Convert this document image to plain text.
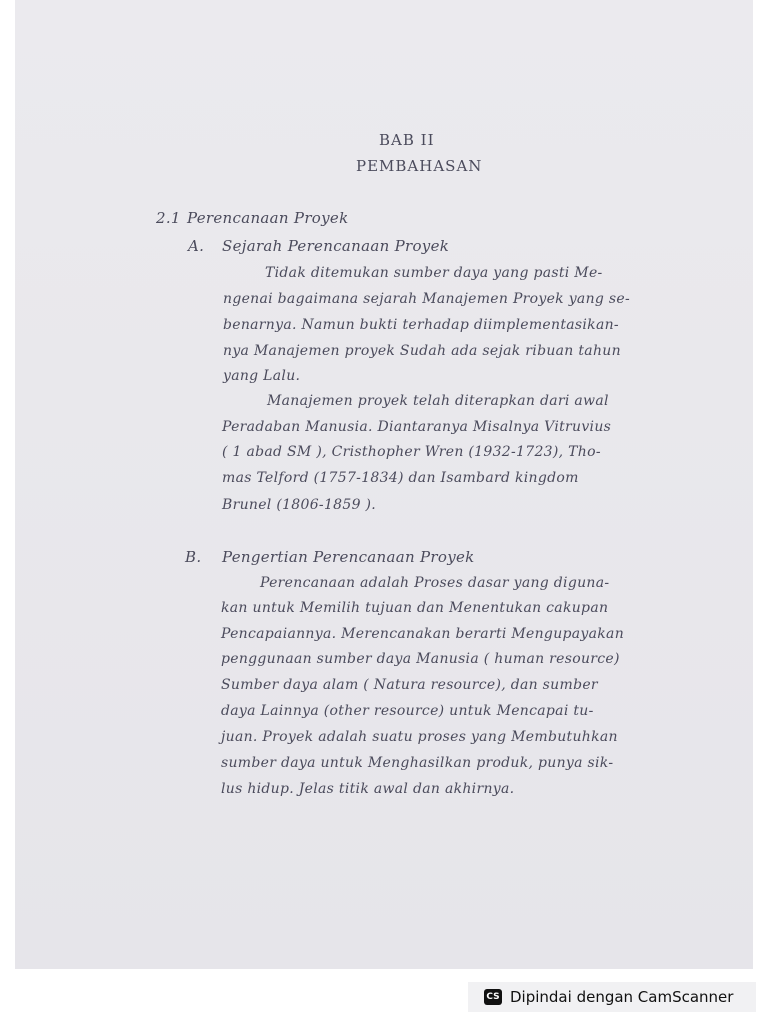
BAB II
PEMBAHASAN
2.1 Perencanaan Proyek
A. Sejarah Perencanaan Proyek
Tidak ditemukan sumber daya yang pasti Me-
ngenai bagaimana sejarah Manajemen Proyek yang se-
benarnya. Namun bukti terhadap diimplementasikan-
nya Manajemen proyek Sudah ada sejak ribuan tahun
yang Lalu.
Manajemen proyek telah diterapkan dari awal
Peradaban Manusia. Diantaranya Misalnya Vitruvius
( 1 abad SM ), Cristhopher Wren (1932-1723), Tho-
mas Telford (1757-1834) dan Isambard kingdom
Brunel (1806-1859 ).
B. Pengertian Perencanaan Proyek
Perencanaan adalah Proses dasar yang diguna-
kan untuk Memilih tujuan dan Menentukan cakupan
Pencapaiannya. Merencanakan berarti Mengupayakan
penggunaan sumber daya Manusia ( human resource)
Sumber daya alam ( Natura resource), dan sumber
daya Lainnya (other resource) untuk Mencapai tu-
juan. Proyek adalah suatu proses yang Membutuhkan
sumber daya untuk Menghasilkan produk, punya sik-
lus hidup. Jelas titik awal dan akhirnya.
CS Dipindai dengan CamScanner
